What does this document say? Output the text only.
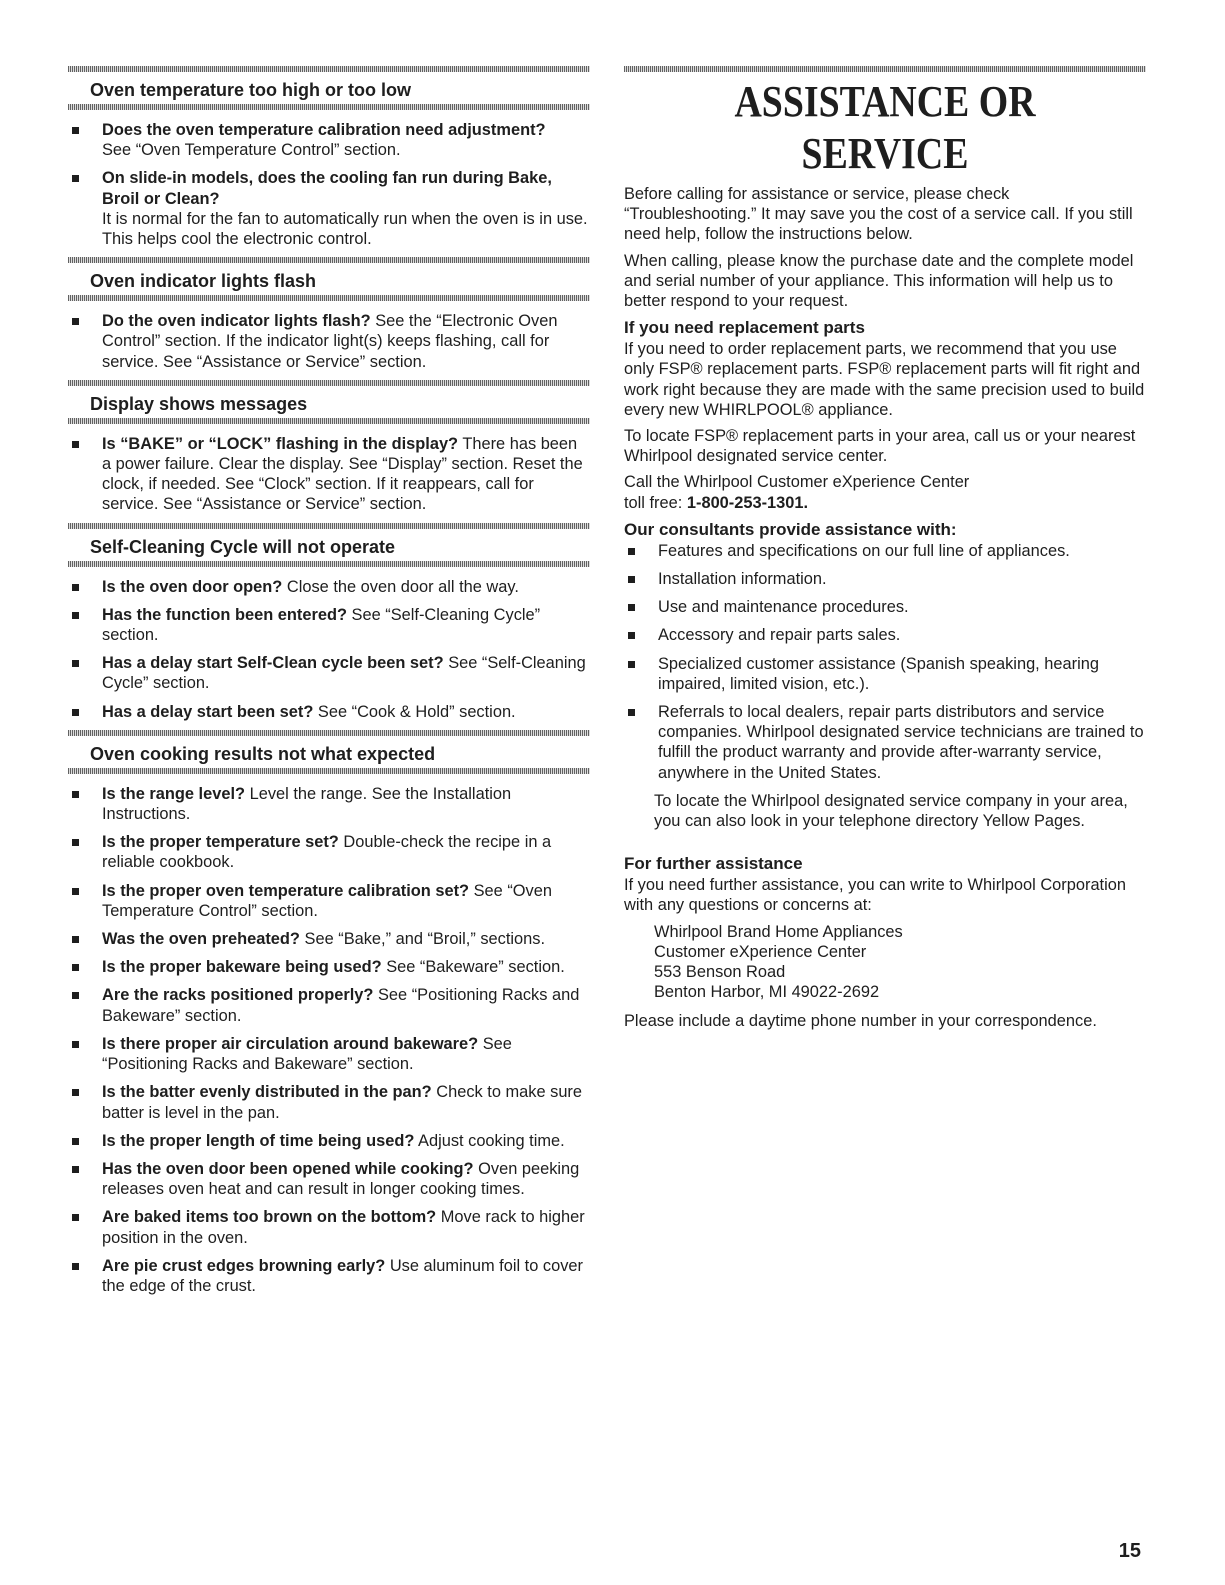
Oven temperature too high or too low
Does the oven temperature calibration need adjustment?
See “Oven Temperature Control” section.
On slide-in models, does the cooling fan run during Bake, Broil or Clean?
It is normal for the fan to automatically run when the oven is in use. This helps cool the electronic control.
Oven indicator lights flash
Do the oven indicator lights flash? See the “Electronic Oven Control” section. If the indicator light(s) keeps flashing, call for service. See “Assistance or Service” section.
Display shows messages
Is “BAKE” or “LOCK” flashing in the display? There has been a power failure. Clear the display. See “Display” section. Reset the clock, if needed. See “Clock” section. If it reappears, call for service. See “Assistance or Service” section.
Self-Cleaning Cycle will not operate
Is the oven door open? Close the oven door all the way.
Has the function been entered? See “Self-Cleaning Cycle” section.
Has a delay start Self-Clean cycle been set? See “Self-Cleaning Cycle” section.
Has a delay start been set? See “Cook & Hold” section.
Oven cooking results not what expected
Is the range level? Level the range. See the Installation Instructions.
Is the proper temperature set? Double-check the recipe in a reliable cookbook.
Is the proper oven temperature calibration set? See “Oven Temperature Control” section.
Was the oven preheated? See “Bake,” and “Broil,” sections.
Is the proper bakeware being used? See “Bakeware” section.
Are the racks positioned properly? See “Positioning Racks and Bakeware” section.
Is there proper air circulation around bakeware? See “Positioning Racks and Bakeware” section.
Is the batter evenly distributed in the pan? Check to make sure batter is level in the pan.
Is the proper length of time being used? Adjust cooking time.
Has the oven door been opened while cooking? Oven peeking releases oven heat and can result in longer cooking times.
Are baked items too brown on the bottom? Move rack to higher position in the oven.
Are pie crust edges browning early? Use aluminum foil to cover the edge of the crust.
ASSISTANCE OR SERVICE

Before calling for assistance or service, please check “Troubleshooting.” It may save you the cost of a service call. If you still need help, follow the instructions below.

When calling, please know the purchase date and the complete model and serial number of your appliance. This information will help us to better respond to your request.

If you need replacement parts

If you need to order replacement parts, we recommend that you use only FSP® replacement parts. FSP® replacement parts will fit right and work right because they are made with the same precision used to build every new WHIRLPOOL® appliance.

To locate FSP® replacement parts in your area, call us or your nearest Whirlpool designated service center.

Call the Whirlpool Customer eXperience Center
toll free: 1-800-253-1301.

Our consultants provide assistance with:
Features and specifications on our full line of appliances.
Installation information.
Use and maintenance procedures.
Accessory and repair parts sales.
Specialized customer assistance (Spanish speaking, hearing impaired, limited vision, etc.).
Referrals to local dealers, repair parts distributors and service companies. Whirlpool designated service technicians are trained to fulfill the product warranty and provide after-warranty service, anywhere in the United States.
To locate the Whirlpool designated service company in your area, you can also look in your telephone directory Yellow Pages.
For further assistance

If you need further assistance, you can write to Whirlpool Corporation with any questions or concerns at:

Whirlpool Brand Home Appliances
Customer eXperience Center
553 Benson Road
Benton Harbor, MI 49022-2692

Please include a daytime phone number in your correspondence.

15
